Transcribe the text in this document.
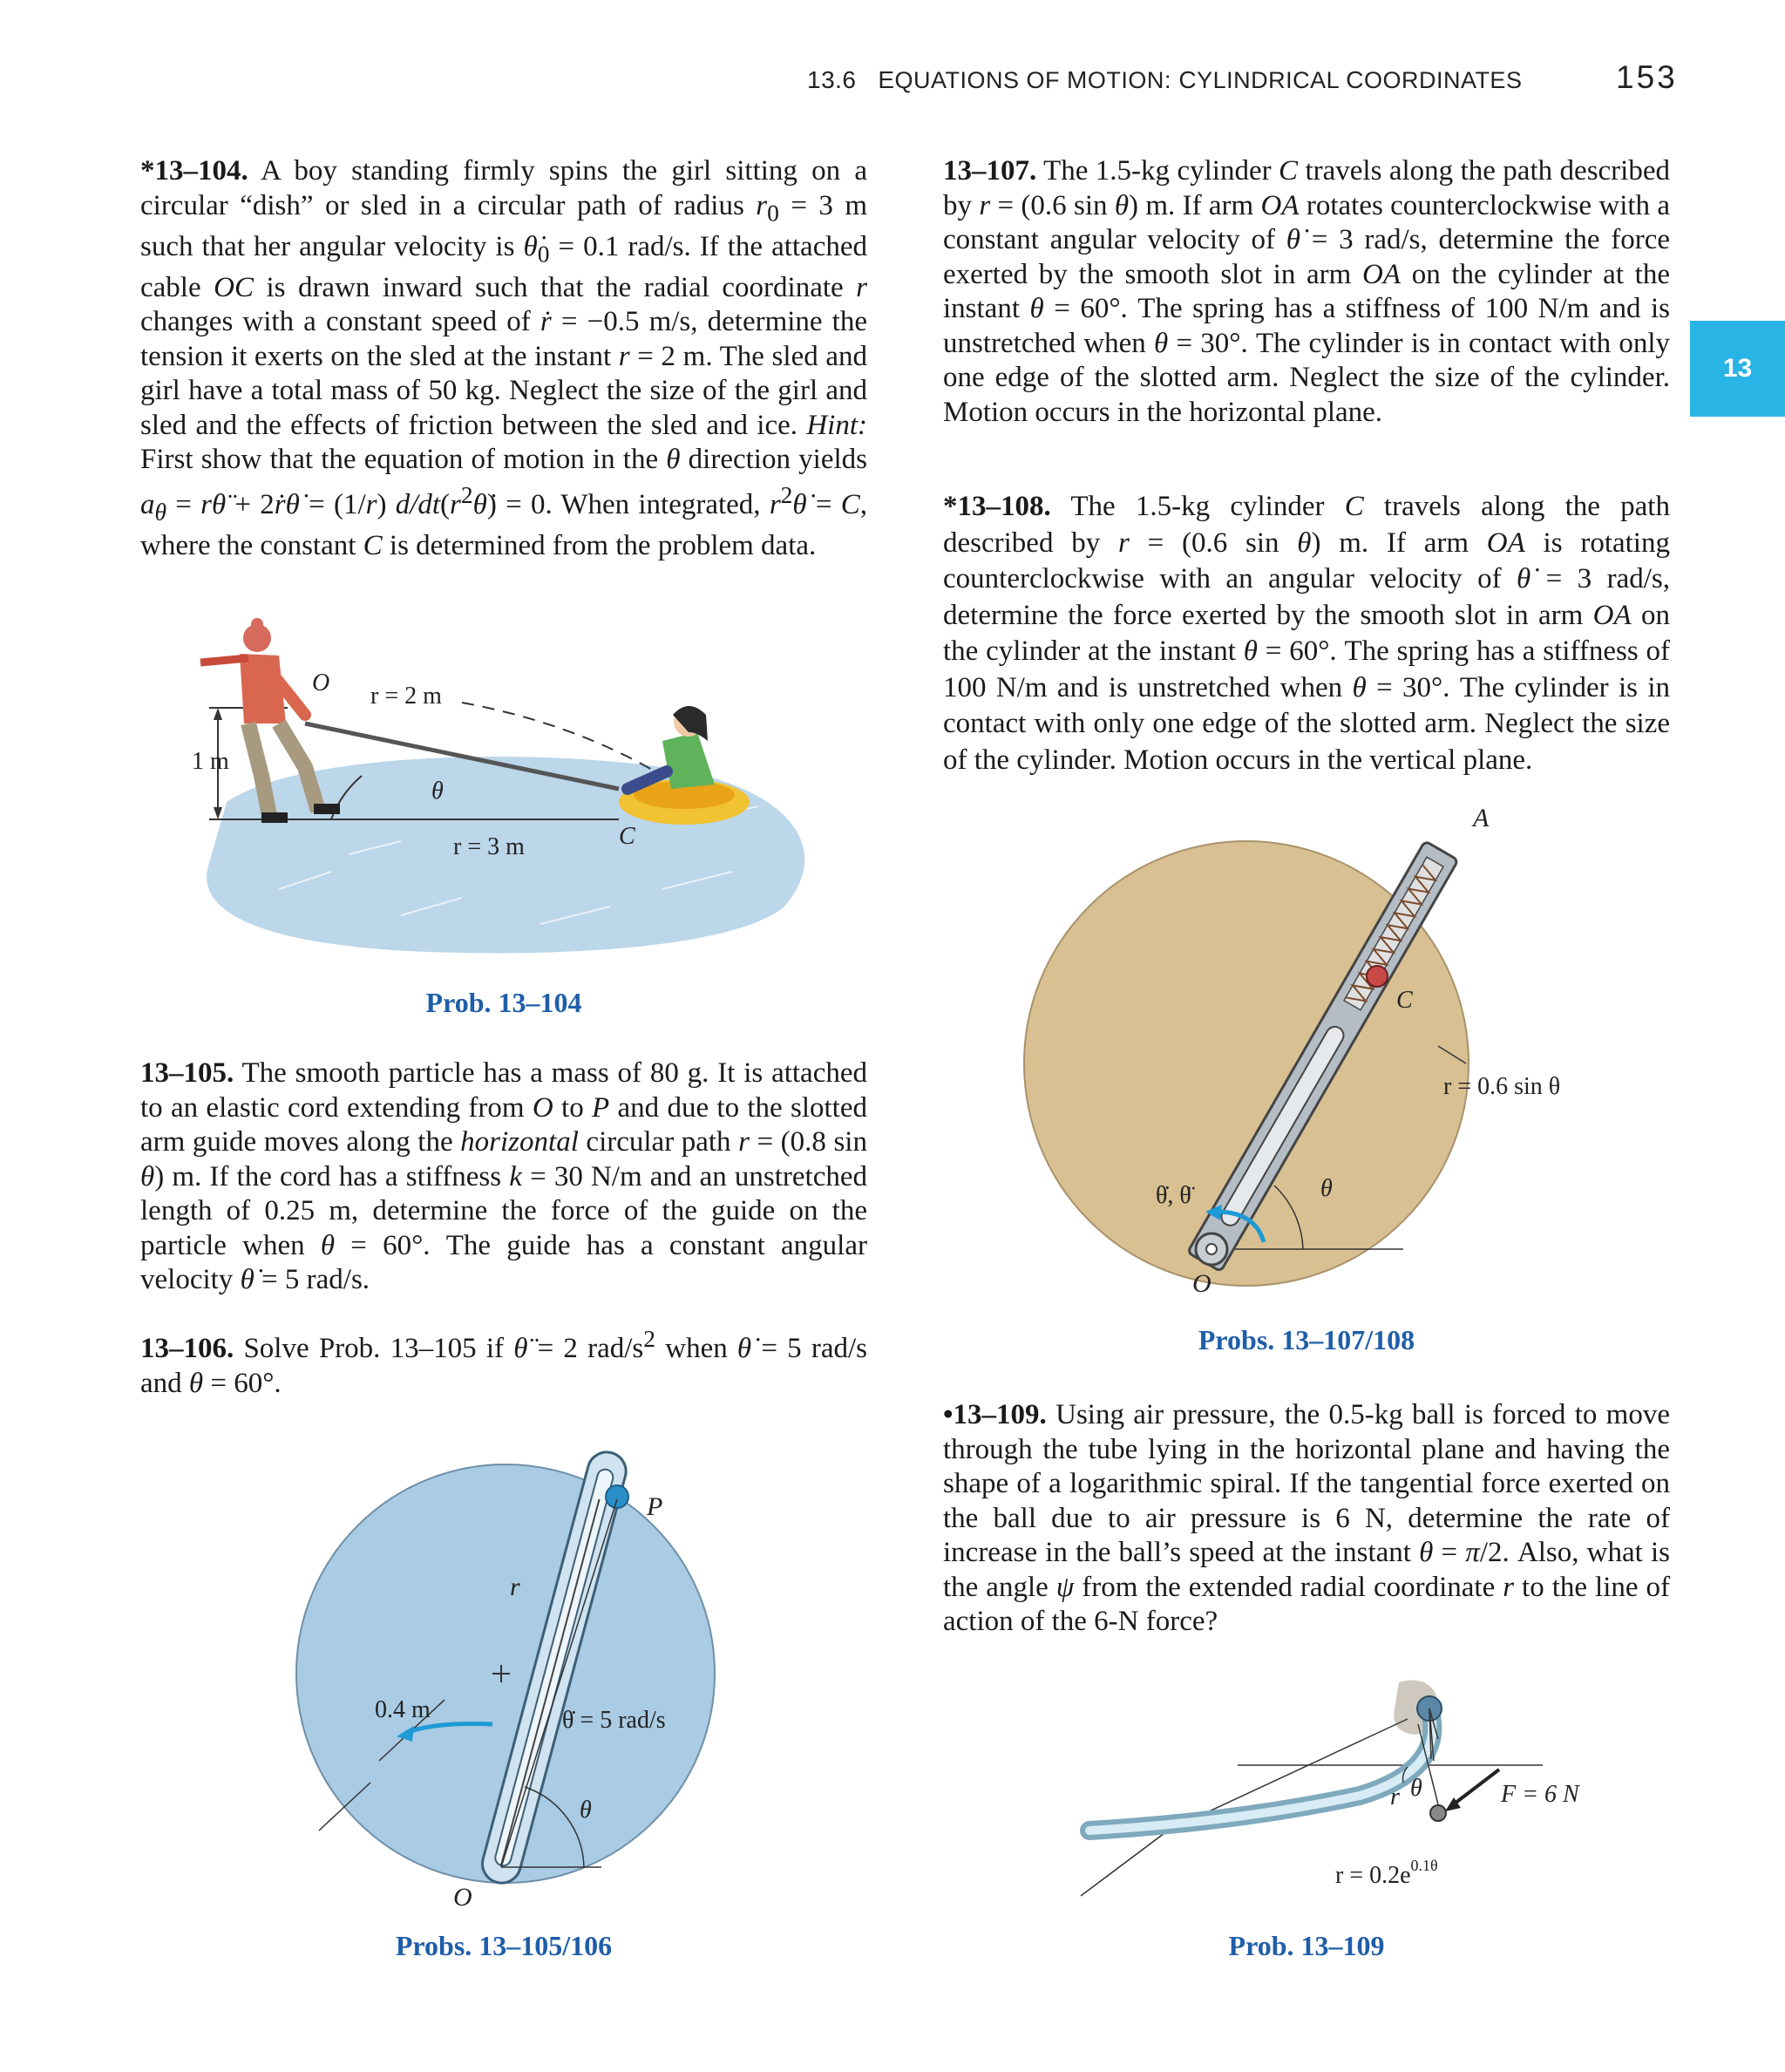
13.6 EQUATIONS OF MOTION: CYLINDRICAL COORDINATES	153
13

*13–104. A boy standing firmly spins the girl sitting on a circular “dish” or sled in a circular path of radius $r_0 = 3$ m such that her angular velocity is $\thetȧ_0 = 0.1$ rad/s. If the attached cable OC is drawn inward such that the radial coordinate r changes with a constant speed of ṙ = −0.5 m/s, determine the tension it exerts on the sled at the instant r = 2 m. The sled and girl have a total mass of 50 kg. Neglect the size of the girl and sled and the effects of friction between the sled and ice. Hint: First show that the equation of motion in the θ direction yields $a_\theta$ = rθ̈ + 2ṙθ̇ = (1/r) $d/dt(r^2\thetȧ) = 0$. When integrated, $r^2\thetȧ = C$, where the constant C is determined from the problem data.

1 m
θ
r = 3 m
r = 2 m
O
C
Prob. 13–104

13–105. The smooth particle has a mass of 80 g. It is attached to an elastic cord extending from O to P and due to the slotted arm guide moves along the horizontal circular path r = (0.8 sin θ) m. If the cord has a stiffness k = 30 N/m and an unstretched length of 0.25 m, determine the force of the guide on the particle when θ = 60°. The guide has a constant angular velocity θ̇ = 5 rad/s.

13–106. Solve Prob. 13–105 if θ̈ = 2 rad/$s^2$ when θ̇ = 5 rad/s and θ = 60°.

P
r
0.4 m	θ̇ = 5 rad/s
θ
O
Probs. 13–105/106

13–107. The 1.5-kg cylinder C travels along the path described by r = (0.6 sin θ) m. If arm OA rotates counterclockwise with a constant angular velocity of θ̇ = 3 rad/s, determine the force exerted by the smooth slot in arm OA on the cylinder at the instant θ = 60°. The spring has a stiffness of 100 N/m and is unstretched when θ = 30°. The cylinder is in contact with only one edge of the slotted arm. Neglect the size of the cylinder. Motion occurs in the horizontal plane.

*13–108. The 1.5-kg cylinder C travels along the path described by r = (0.6 sin θ) m. If arm OA is rotating counterclockwise with an angular velocity of θ̇ = 3 rad/s, determine the force exerted by the smooth slot in arm OA on the cylinder at the instant θ = 60°. The spring has a stiffness of 100 N/m and is unstretched when θ = 30°. The cylinder is in contact with only one edge of the slotted arm. Neglect the size of the cylinder. Motion occurs in the vertical plane.

θ
C
A
r = 0.6 sin θ
θ̇, θ̈
O
Probs. 13–107/108

•13–109. Using air pressure, the 0.5-kg ball is forced to move through the tube lying in the horizontal plane and having the shape of a logarithmic spiral. If the tangential force exerted on the ball due to air pressure is 6 N, determine the rate of increase in the ball’s speed at the instant θ = π/2. Also, what is the angle ψ from the extended radial coordinate r to the line of action of the 6-N force?

θ
r	F = 6 N
$r = 0.2e^{0.1\theta}$
Prob. 13–109
